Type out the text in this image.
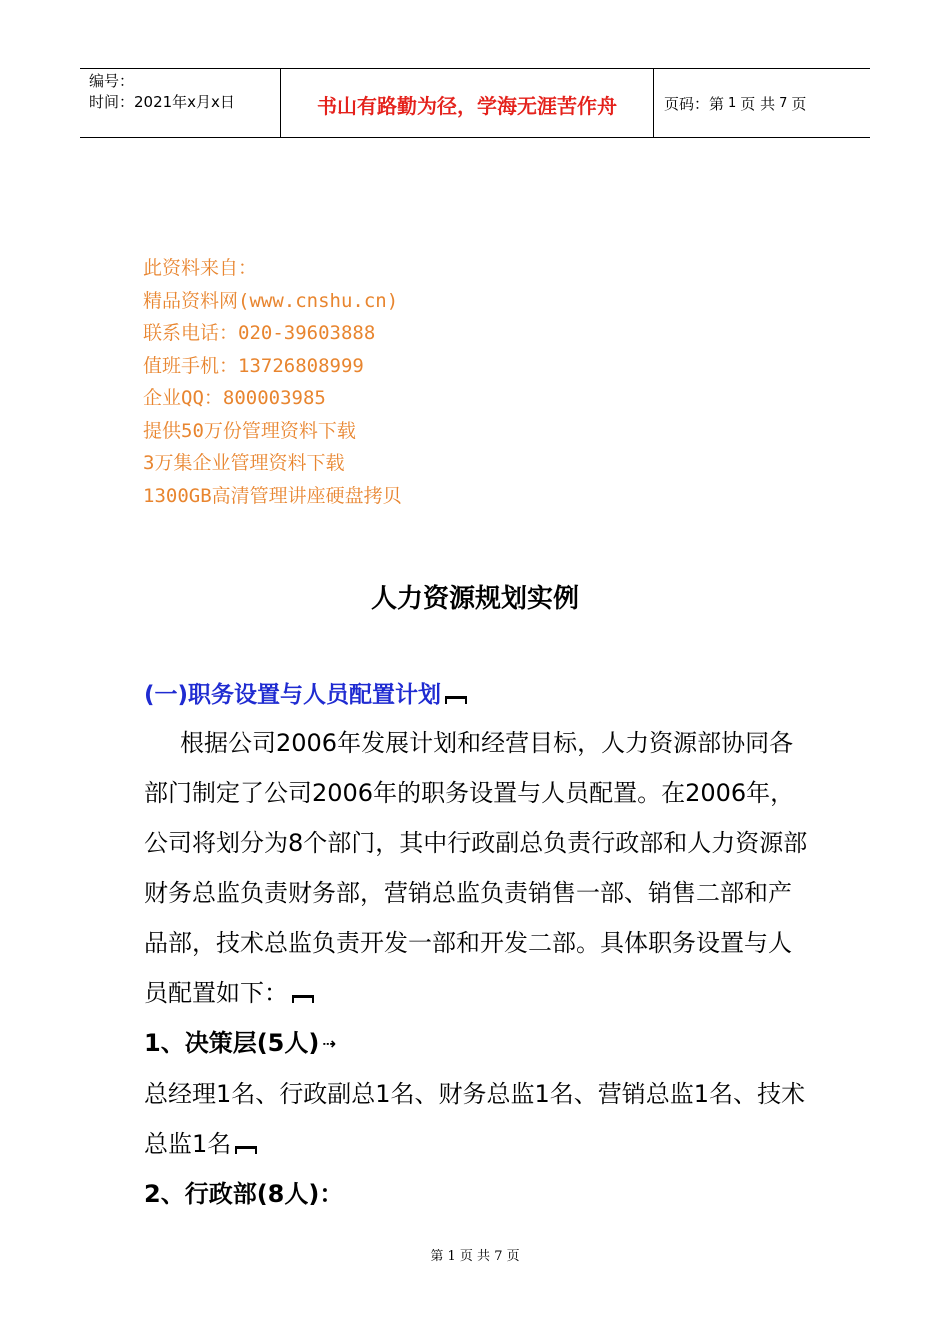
编号：
时间：2021年x月x日	书山有路勤为径，学海无涯苦作舟	页码：第 1 页 共 7 页
此资料来自：
精品资料网(www.cnshu.cn)
联系电话：020-39603888
值班手机：13726808999
企业QQ：800003985
提供50万份管理资料下载
3万集企业管理资料下载
1300GB高清管理讲座硬盘拷贝
人力资源规划实例
(一)职务设置与人员配置计划

根据公司2006年发展计划和经营目标，人力资源部协同各部门制定了公司2006年的职务设置与人员配置。在2006年， 公司将划分为8个部门，其中行政副总负责行政部和人力资源部财务总监负责财务部，营销总监负责销售一部、销售二部和产品部，技术总监负责开发一部和开发二部。具体职务设置与人员配置如下：

1、决策层(5人) ⇢

总经理1名、行政副总1名、财务总监1名、营销总监1名、技术总监1名

2、行政部(8人)：

第 1 页 共 7 页
